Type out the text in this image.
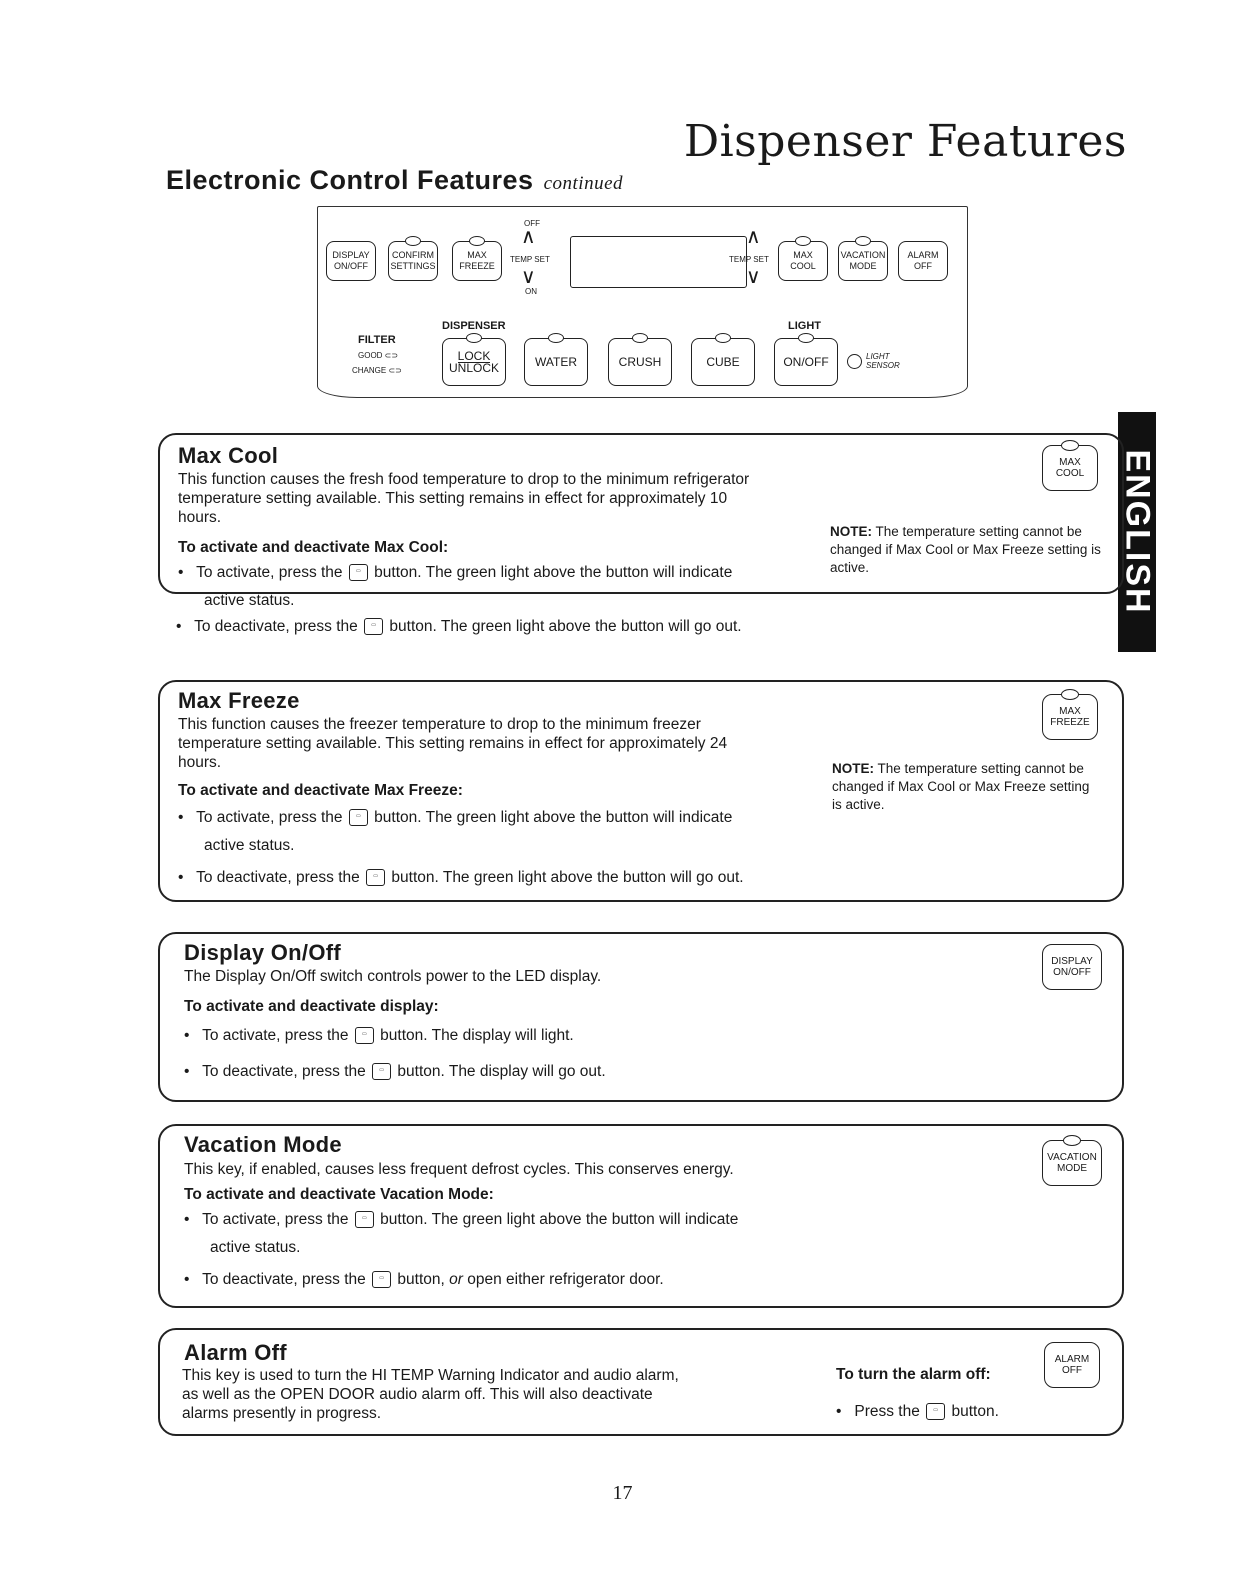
Dispenser Features
Electronic Control Features continued
OFF
∧
∨
ON
TEMP SET	TEMP SET
∧
∨
DISPLAY
ON/OFF
CONFIRM
SETTINGS
MAX
FREEZE
MAX
COOL
VACATION
MODE
ALARM
OFF
DISPENSER	LIGHT
FILTER
GOOD ⊂⊃
CHANGE ⊂⊃
LOCK
UNLOCK	WATER	CRUSH	CUBE	ON/OFF	LIGHT
SENSOR
ENGLISH
Max Cool
This function causes the fresh food temperature to drop to the minimum refrigerator
temperature setting available. This setting remains in effect for approximately 10
hours.
To activate and deactivate Max Cool:
•   To activate, press the	▭ button. The green light above the button will indicate
active status.
MAX
COOL
NOTE: The temperature setting cannot be changed if Max Cool or Max Freeze setting is active.
•   To deactivate, press the	▭ button. The green light above the button will go out.
Max Freeze
This function causes the freezer temperature to drop to the minimum freezer
temperature setting available. This setting remains in effect for approximately 24
hours.
To activate and deactivate Max Freeze:
•   To activate, press the	▭ button. The green light above the button will indicate
active status.
•   To deactivate, press the	▭ button. The green light above the button will go out.
MAX
FREEZE
NOTE: The temperature setting cannot be changed if Max Cool or Max Freeze setting is active.
Display On/Off
The Display On/Off switch controls power to the LED display.
To activate and deactivate display:
•   To activate, press the	▭ button. The display will light.
•   To deactivate, press the	▭ button. The display will go out.
DISPLAY
ON/OFF
Vacation Mode
This key, if enabled, causes less frequent defrost cycles. This conserves energy.
To activate and deactivate Vacation Mode:
•   To activate, press the	▭ button. The green light above the button will indicate
active status.
•   To deactivate, press the	▭ button, or open either refrigerator door.
VACATION
MODE
Alarm Off
This key is used to turn the HI TEMP Warning Indicator and audio alarm,
as well as the OPEN DOOR audio alarm off. This will also deactivate
alarms presently in progress.
To turn the alarm off:
•   Press the	▭ button.
ALARM
OFF
17
